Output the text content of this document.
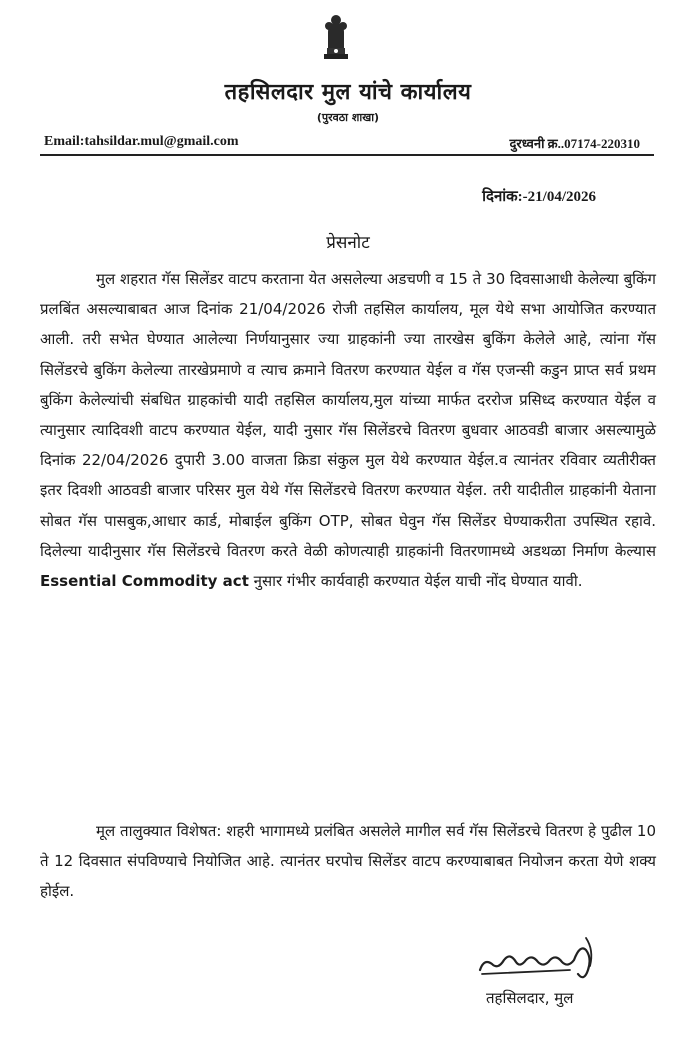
तहसिलदार मुल यांचे कार्यालय
(पुरवठा शाखा)
Email:tahsildar.mul@gmail.com	दुरध्वनी क्र..07174-220310
दिनांक:-21/04/2026
प्रेसनोट

मुल शहरात गॅस सिलेंडर वाटप करताना येत असलेल्या अडचणी व 15 ते 30 दिवसाआधी केलेल्या बुकिंग प्रलबिंत असल्याबाबत आज दिनांक 21/04/2026 रोजी तहसिल कार्यालय, मूल येथे सभा आयोजित करण्यात आली. तरी सभेत घेण्यात आलेल्या निर्णयानुसार ज्या ग्राहकांनी ज्या तारखेस बुकिंग केलेले आहे, त्यांना गॅस सिलेंडरचे बुकिंग केलेल्या तारखेप्रमाणे व त्याच क्रमाने वितरण करण्यात येईल व गॅस एजन्सी कडुन प्राप्त सर्व प्रथम बुकिंग केलेल्यांची संबधित ग्राहकांची यादी तहसिल कार्यालय,मुल यांच्या मार्फत दररोज प्रसिध्द करण्यात येईल व त्यानुसार त्यादिवशी वाटप करण्यात येईल, यादी नुसार गॅस सिलेंडरचे वितरण बुधवार आठवडी बाजार असल्यामुळे दिनांक 22/04/2026 दुपारी 3.00 वाजता क्रिडा संकुल मुल येथे करण्यात येईल.व त्यानंतर रविवार व्यतीरीक्त इतर दिवशी आठवडी बाजार परिसर मुल येथे गॅस सिलेंडरचे वितरण करण्यात येईल. तरी यादीतील ग्राहकांनी येताना सोबत गॅस पासबुक,आधार कार्ड, मोबाईल बुकिंग OTP, सोबत घेवुन गॅस सिलेंडर घेण्याकरीता उपस्थित रहावे. दिलेल्या यादीनुसार गॅस सिलेंडरचे वितरण करते वेळी कोणत्याही ग्राहकांनी वितरणामध्ये अडथळा निर्माण केल्यास Essential Commodity act नुसार गंभीर कार्यवाही करण्यात येईल याची नोंद घेण्यात यावी.

मूल तालुक्यात विशेषत: शहरी भागामध्ये प्रलंबित असलेले मागील सर्व गॅस सिलेंडरचे वितरण हे पुढील 10 ते 12 दिवसात संपविण्याचे नियोजित आहे. त्यानंतर घरपोच सिलेंडर वाटप करण्याबाबत नियोजन करता येणे शक्य होईल.

तहसिलदार, मुल
